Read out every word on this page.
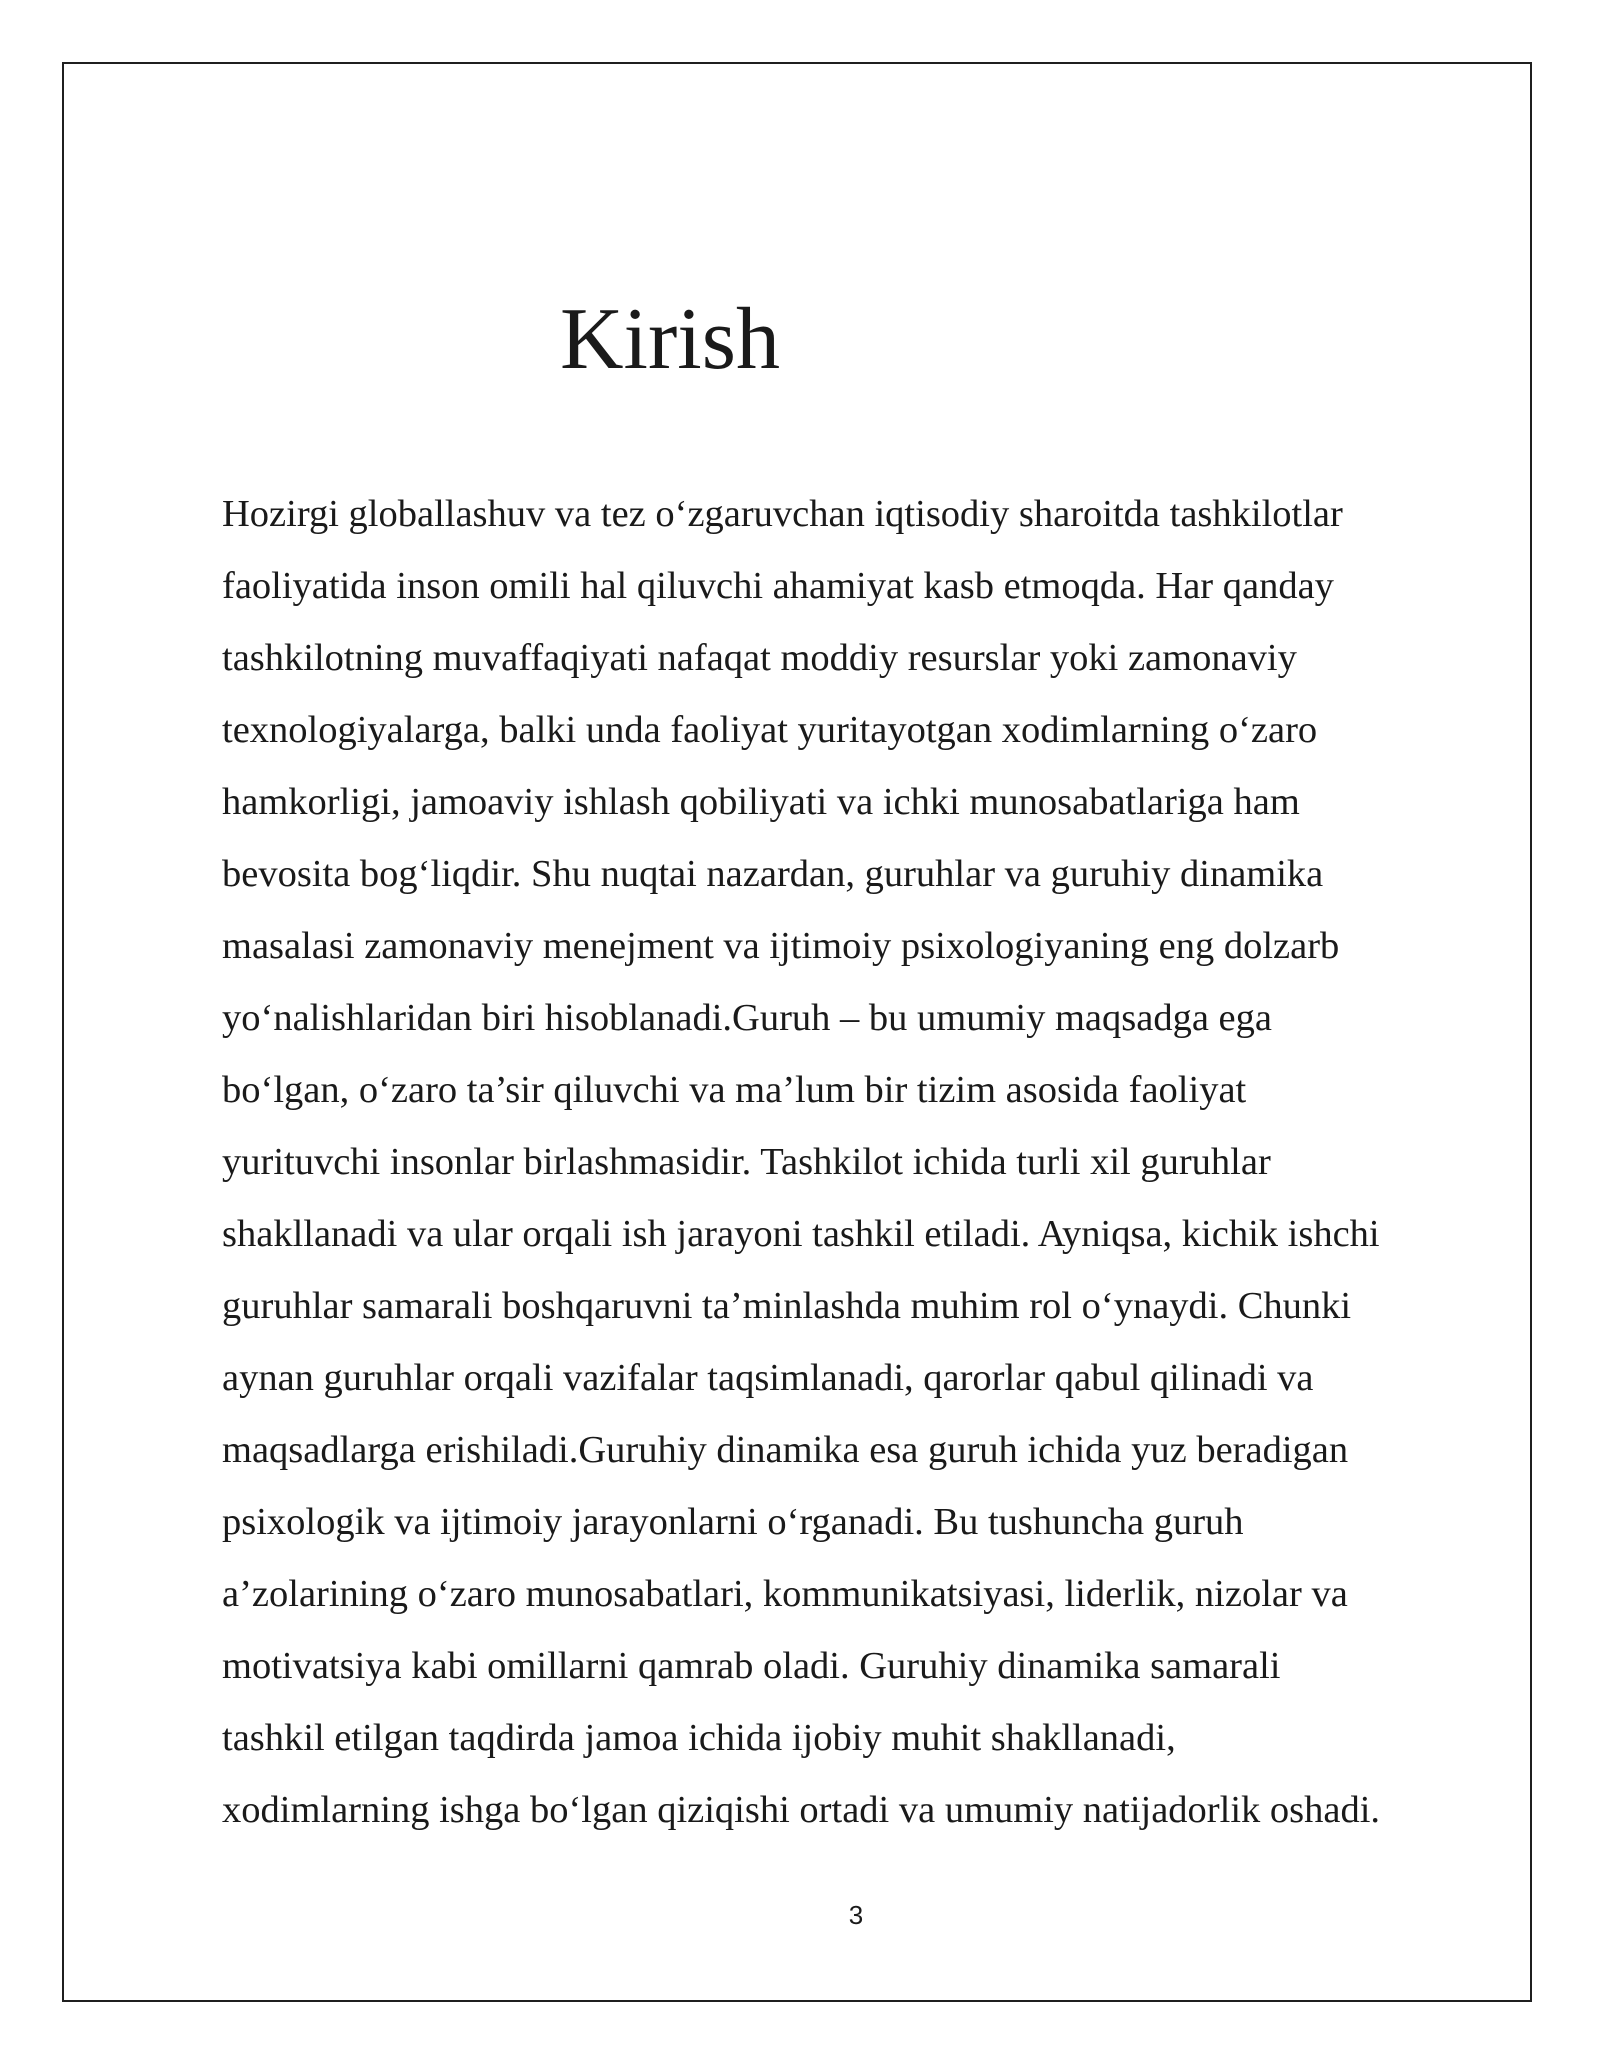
Kirish
Hozirgi globallashuv va tez o‘zgaruvchan iqtisodiy sharoitda tashkilotlar
faoliyatida inson omili hal qiluvchi ahamiyat kasb etmoqda. Har qanday
tashkilotning muvaffaqiyati nafaqat moddiy resurslar yoki zamonaviy
texnologiyalarga, balki unda faoliyat yuritayotgan xodimlarning o‘zaro
hamkorligi, jamoaviy ishlash qobiliyati va ichki munosabatlariga ham
bevosita bog‘liqdir. Shu nuqtai nazardan, guruhlar va guruhiy dinamika
masalasi zamonaviy menejment va ijtimoiy psixologiyaning eng dolzarb
yo‘nalishlaridan biri hisoblanadi.Guruh – bu umumiy maqsadga ega
bo‘lgan, o‘zaro ta’sir qiluvchi va ma’lum bir tizim asosida faoliyat
yurituvchi insonlar birlashmasidir. Tashkilot ichida turli xil guruhlar
shakllanadi va ular orqali ish jarayoni tashkil etiladi. Ayniqsa, kichik ishchi
guruhlar samarali boshqaruvni ta’minlashda muhim rol o‘ynaydi. Chunki
aynan guruhlar orqali vazifalar taqsimlanadi, qarorlar qabul qilinadi va
maqsadlarga erishiladi.Guruhiy dinamika esa guruh ichida yuz beradigan
psixologik va ijtimoiy jarayonlarni o‘rganadi. Bu tushuncha guruh
a’zolarining o‘zaro munosabatlari, kommunikatsiyasi, liderlik, nizolar va
motivatsiya kabi omillarni qamrab oladi. Guruhiy dinamika samarali
tashkil etilgan taqdirda jamoa ichida ijobiy muhit shakllanadi,
xodimlarning ishga bo‘lgan qiziqishi ortadi va umumiy natijadorlik oshadi.
3
